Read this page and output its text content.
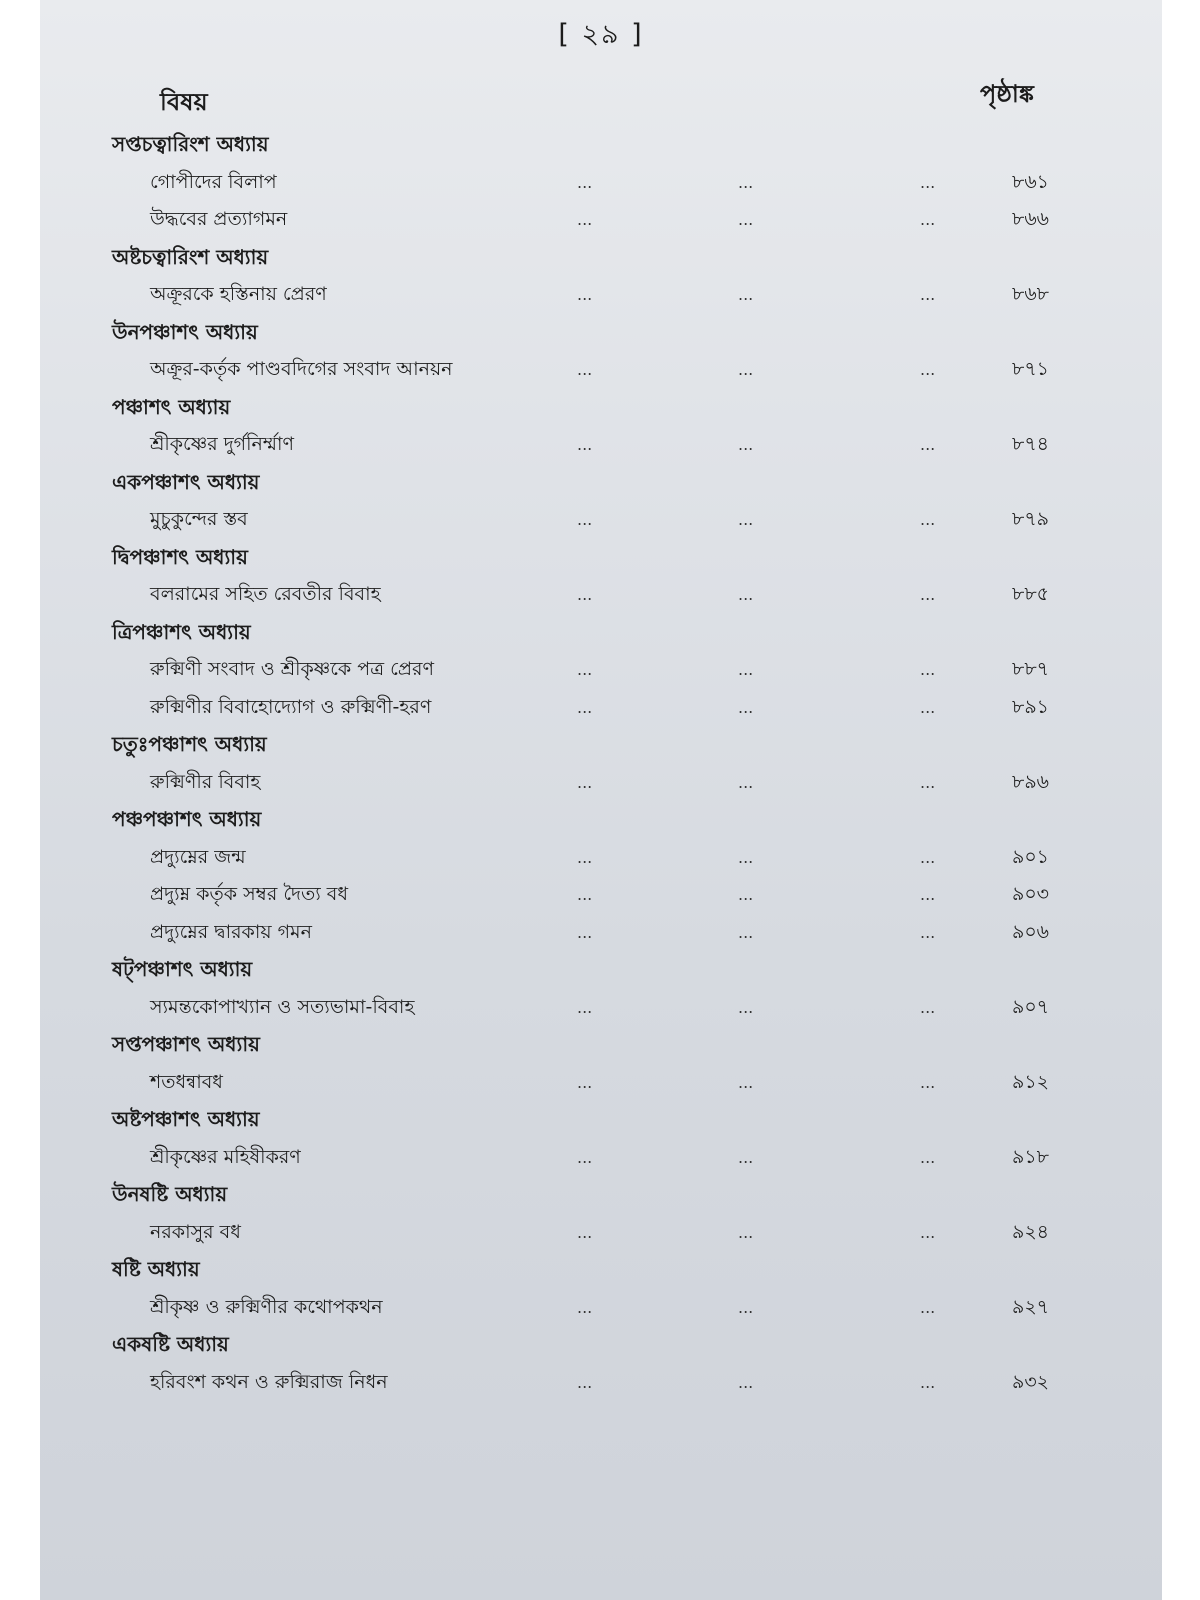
[ ২৯ ]
বিষয়	পৃষ্ঠাঙ্ক
সপ্তচত্বারিংশ অধ্যায়
গোপীদের বিলাপ	...	...	...	৮৬১
উদ্ধবের প্রত্যাগমন	...	...	...	৮৬৬
অষ্টচত্বারিংশ অধ্যায়
অক্রূরকে হস্তিনায় প্রেরণ	...	...	...	৮৬৮
উনপঞ্চাশৎ অধ্যায়
অক্রূর-কর্তৃক পাণ্ডবদিগের সংবাদ আনয়ন	...	...	...	৮৭১
পঞ্চাশৎ অধ্যায়
শ্রীকৃষ্ণের দুর্গনির্ম্মাণ	...	...	...	৮৭৪
একপঞ্চাশৎ অধ্যায়
মুচুকুন্দের স্তব	...	...	...	৮৭৯
দ্বিপঞ্চাশৎ অধ্যায়
বলরামের সহিত রেবতীর বিবাহ	...	...	...	৮৮৫
ত্রিপঞ্চাশৎ অধ্যায়
রুক্মিণী সংবাদ ও শ্রীকৃষ্ণকে পত্র প্রেরণ	...	...	...	৮৮৭
রুক্মিণীর বিবাহোদ্যোগ ও রুক্মিণী-হরণ	...	...	...	৮৯১
চতুঃপঞ্চাশৎ অধ্যায়
রুক্মিণীর বিবাহ	...	...	...	৮৯৬
পঞ্চপঞ্চাশৎ অধ্যায়
প্রদ্যুম্নের জন্ম	...	...	...	৯০১
প্রদ্যুম্ন কর্তৃক সম্বর দৈত্য বধ	...	...	...	৯০৩
প্রদ্যুম্নের দ্বারকায় গমন	...	...	...	৯০৬
ষট্পঞ্চাশৎ অধ্যায়
স্যমন্তকোপাখ্যান ও সত্যভামা-বিবাহ	...	...	...	৯০৭
সপ্তপঞ্চাশৎ অধ্যায়
শতধন্বাবধ	...	...	...	৯১২
অষ্টপঞ্চাশৎ অধ্যায়
শ্রীকৃষ্ণের মহিষীকরণ	...	...	...	৯১৮
উনষষ্টি অধ্যায়
নরকাসুর বধ	...	...	...	৯২৪
ষষ্টি অধ্যায়
শ্রীকৃষ্ণ ও রুক্মিণীর কথোপকথন	...	...	...	৯২৭
একষষ্টি অধ্যায়
হরিবংশ কথন ও রুক্মিরাজ নিধন	...	...	...	৯৩২
